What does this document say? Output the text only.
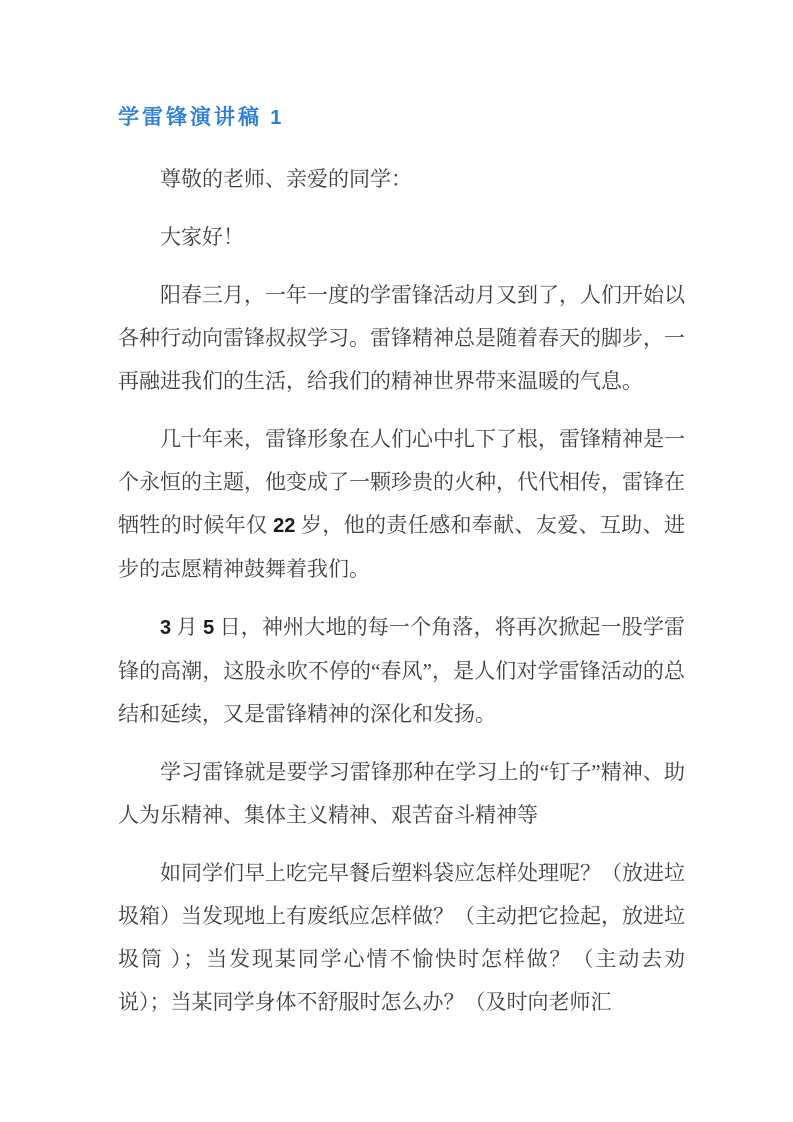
学雷锋演讲稿 1

尊敬的老师、亲爱的同学：

大家好！

阳春三月，一年一度的学雷锋活动月又到了，人们开始以各种行动向雷锋叔叔学习。雷锋精神总是随着春天的脚步，一再融进我们的生活，给我们的精神世界带来温暖的气息。

几十年来，雷锋形象在人们心中扎下了根，雷锋精神是一个永恒的主题，他变成了一颗珍贵的火种，代代相传，雷锋在牺牲的时候年仅 22 岁，他的责任感和奉献、友爱、互助、进步的志愿精神鼓舞着我们。

3 月 5 日，神州大地的每一个角落，将再次掀起一股学雷锋的高潮，这股永吹不停的“春风”，是人们对学雷锋活动的总结和延续，又是雷锋精神的深化和发扬。

学习雷锋就是要学习雷锋那种在学习上的“钉子”精神、助人为乐精神、集体主义精神、艰苦奋斗精神等

如同学们早上吃完早餐后塑料袋应怎样处理呢？（放进垃圾箱）当发现地上有废纸应怎样做？（主动把它捡起，放进垃圾筒 ）；当发现某同学心情不愉快时怎样做？（主动去劝说）；当某同学身体不舒服时怎么办？（及时向老师汇
